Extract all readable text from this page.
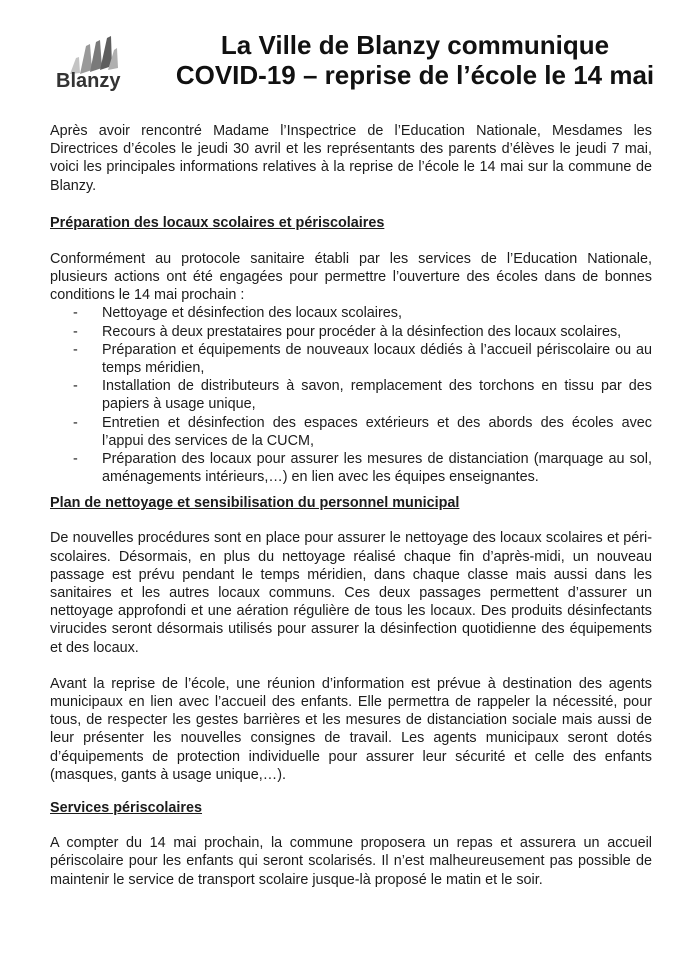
Blanzy
La Ville de Blanzy communique
COVID-19 – reprise de l’école le 14 mai

Après avoir rencontré Madame l’Inspectrice de l’Education Nationale, Mesdames les Directrices d’écoles le jeudi 30 avril et les représentants des parents d’élèves le jeudi 7 mai, voici les principales informations relatives à la reprise de l’école le 14 mai sur la commune de Blanzy.

Préparation des locaux scolaires et périscolaires

Conformément au protocole sanitaire établi par les services de l’Education Nationale, plusieurs actions ont été engagées pour permettre l’ouverture des écoles dans de bonnes conditions le 14 mai prochain :

- Nettoyage et désinfection des locaux scolaires,
- Recours à deux prestataires pour procéder à la désinfection des locaux scolaires,
- Préparation et équipements de nouveaux locaux dédiés à l’accueil périscolaire ou au temps méridien,
- Installation de distributeurs à savon, remplacement des torchons en tissu par des papiers à usage unique,
- Entretien et désinfection des espaces extérieurs et des abords des écoles avec l’appui des services de la CUCM,
- Préparation des locaux pour assurer les mesures de distanciation (marquage au sol, aménagements intérieurs,…) en lien avec les équipes enseignantes.
Plan de nettoyage et sensibilisation du personnel municipal

De nouvelles procédures sont en place pour assurer le nettoyage des locaux scolaires et péri-scolaires. Désormais, en plus du nettoyage réalisé chaque fin d’après-midi, un nouveau passage est prévu pendant le temps méridien, dans chaque classe mais aussi dans les sanitaires et les autres locaux communs. Ces deux passages permettent d’assurer un nettoyage approfondi et une aération régulière de tous les locaux. Des produits désinfectants virucides seront désormais utilisés pour assurer la désinfection quotidienne des équipements et des locaux.

Avant la reprise de l’école, une réunion d’information est prévue à destination des agents municipaux en lien avec l’accueil des enfants. Elle permettra de rappeler la nécessité, pour tous, de respecter les gestes barrières et les mesures de distanciation sociale mais aussi de leur présenter les nouvelles consignes de travail. Les agents municipaux seront dotés d’équipements de protection individuelle pour assurer leur sécurité et celle des enfants (masques, gants à usage unique,…).

Services périscolaires

A compter du 14 mai prochain, la commune proposera un repas et assurera un accueil périscolaire pour les enfants qui seront scolarisés. Il n’est malheureusement pas possible de maintenir le service de transport scolaire jusque-là proposé le matin et le soir.
